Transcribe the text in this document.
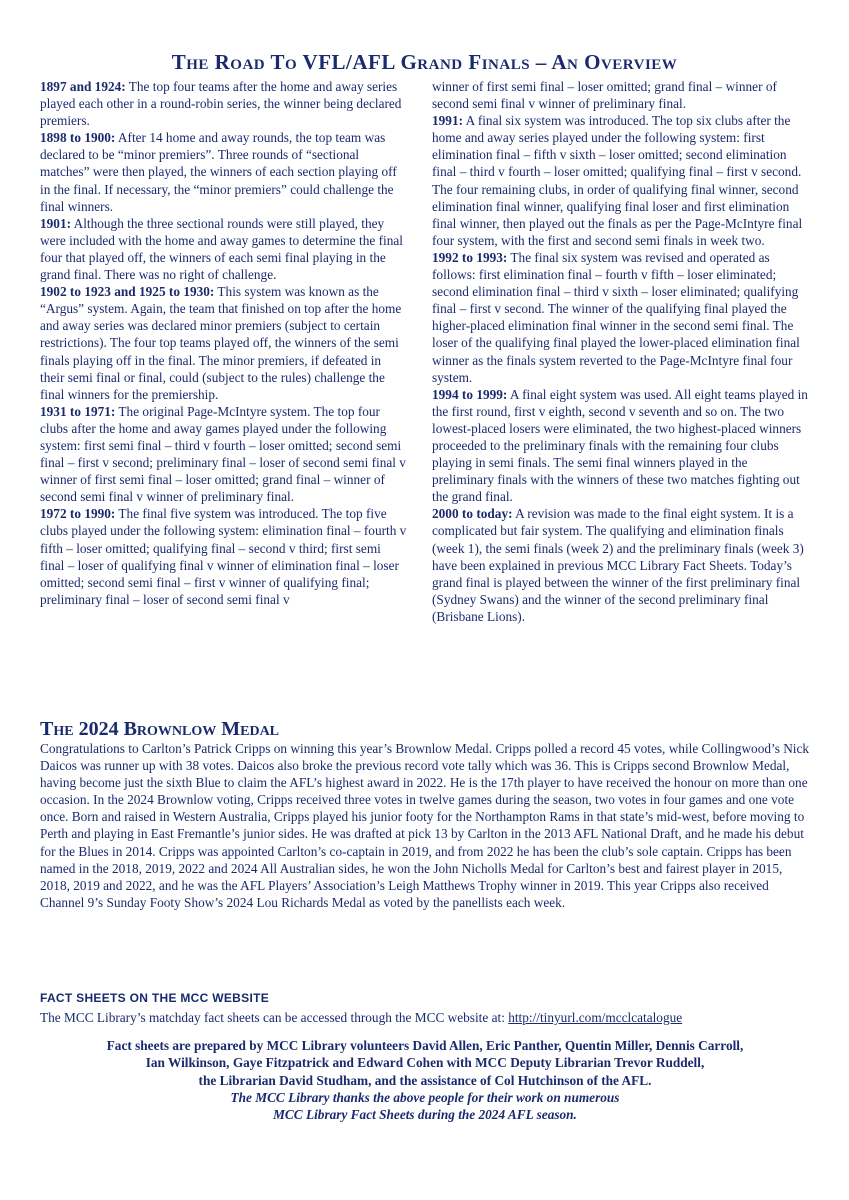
The Road To VFL/AFL Grand Finals – An Overview

1897 and 1924: The top four teams after the home and away series played each other in a round-robin series, the winner being declared premiers.

1898 to 1900: After 14 home and away rounds, the top team was declared to be “minor premiers”. Three rounds of “sectional matches” were then played, the winners of each section playing off in the final. If necessary, the “minor premiers” could challenge the final winners.

1901: Although the three sectional rounds were still played, they were included with the home and away games to determine the final four that played off, the winners of each semi final playing in the grand final. There was no right of challenge.

1902 to 1923 and 1925 to 1930: This system was known as the “Argus” system. Again, the team that finished on top after the home and away series was declared minor premiers (subject to certain restrictions). The four top teams played off, the winners of the semi finals playing off in the final. The minor premiers, if defeated in their semi final or final, could (subject to the rules) challenge the final winners for the premiership.

1931 to 1971: The original Page-McIntyre system. The top four clubs after the home and away games played under the following system: first semi final – third v fourth – loser omitted; second semi final – first v second; preliminary final – loser of second semi final v winner of first semi final – loser omitted; grand final – winner of second semi final v winner of preliminary final.

1972 to 1990: The final five system was introduced. The top five clubs played under the following system: elimination final – fourth v fifth – loser omitted; qualifying final – second v third; first semi final – loser of qualifying final v winner of elimination final – loser omitted; second semi final – first v winner of qualifying final; preliminary final – loser of second semi final v

winner of first semi final – loser omitted; grand final – winner of second semi final v winner of preliminary final.

1991: A final six system was introduced. The top six clubs after the home and away series played under the following system: first elimination final – fifth v sixth – loser omitted; second elimination final – third v fourth – loser omitted; qualifying final – first v second. The four remaining clubs, in order of qualifying final winner, second elimination final winner, qualifying final loser and first elimination final winner, then played out the finals as per the Page-McIntyre final four system, with the first and second semi finals in week two.

1992 to 1993: The final six system was revised and operated as follows: first elimination final – fourth v fifth – loser eliminated; second elimination final – third v sixth – loser eliminated; qualifying final – first v second. The winner of the qualifying final played the higher-placed elimination final winner in the second semi final. The loser of the qualifying final played the lower-placed elimination final winner as the finals system reverted to the Page-McIntyre final four system.

1994 to 1999: A final eight system was used. All eight teams played in the first round, first v eighth, second v seventh and so on. The two lowest-placed losers were eliminated, the two highest-placed winners proceeded to the preliminary finals with the remaining four clubs playing in semi finals. The semi final winners played in the preliminary finals with the winners of these two matches fighting out the grand final.

2000 to today: A revision was made to the final eight system. It is a complicated but fair system. The qualifying and elimination finals (week 1), the semi finals (week 2) and the preliminary finals (week 3) have been explained in previous MCC Library Fact Sheets. Today’s grand final is played between the winner of the first preliminary final (Sydney Swans) and the winner of the second preliminary final (Brisbane Lions).

The 2024 Brownlow Medal

Congratulations to Carlton’s Patrick Cripps on winning this year’s Brownlow Medal. Cripps polled a record 45 votes, while Collingwood’s Nick Daicos was runner up with 38 votes. Daicos also broke the previous record vote tally which was 36. This is Cripps second Brownlow Medal, having become just the sixth Blue to claim the AFL’s highest award in 2022. He is the 17th player to have received the honour on more than one occasion. In the 2024 Brownlow voting, Cripps received three votes in twelve games during the season, two votes in four games and one vote once. Born and raised in Western Australia, Cripps played his junior footy for the Northampton Rams in that state’s mid-west, before moving to Perth and playing in East Fremantle’s junior sides. He was drafted at pick 13 by Carlton in the 2013 AFL National Draft, and he made his debut for the Blues in 2014. Cripps was appointed Carlton’s co-captain in 2019, and from 2022 he has been the club’s sole captain. Cripps has been named in the 2018, 2019, 2022 and 2024 All Australian sides, he won the John Nicholls Medal for Carlton’s best and fairest player in 2015, 2018, 2019 and 2022, and he was the AFL Players’ Association’s Leigh Matthews Trophy winner in 2019. This year Cripps also received Channel 9’s Sunday Footy Show’s 2024 Lou Richards Medal as voted by the panellists each week.

FACT SHEETS ON THE MCC WEBSITE
The MCC Library’s matchday fact sheets can be accessed through the MCC website at: http://tinyurl.com/mcclcatalogue
Fact sheets are prepared by MCC Library volunteers David Allen, Eric Panther, Quentin Miller, Dennis Carroll,
Ian Wilkinson, Gaye Fitzpatrick and Edward Cohen with MCC Deputy Librarian Trevor Ruddell,
the Librarian David Studham, and the assistance of Col Hutchinson of the AFL.
The MCC Library thanks the above people for their work on numerous
MCC Library Fact Sheets during the 2024 AFL season.
